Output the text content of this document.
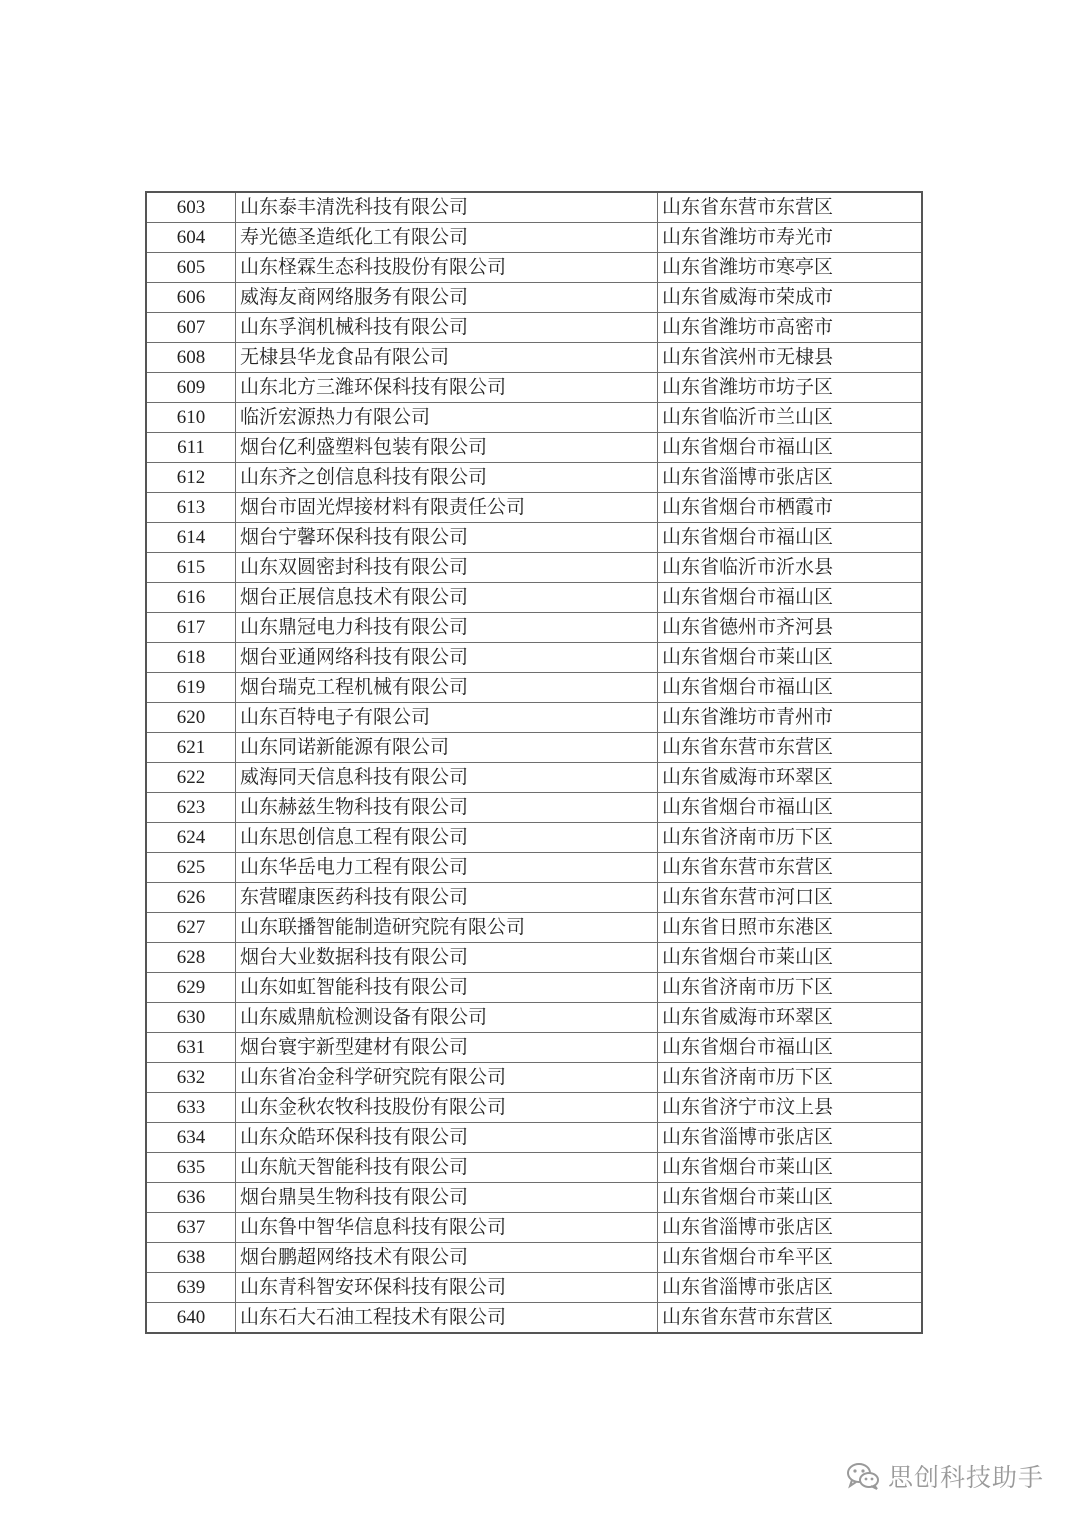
603	山东泰丰清洗科技有限公司	山东省东营市东营区
604	寿光德圣造纸化工有限公司	山东省潍坊市寿光市
605	山东柽霖生态科技股份有限公司	山东省潍坊市寒亭区
606	威海友商网络服务有限公司	山东省威海市荣成市
607	山东孚润机械科技有限公司	山东省潍坊市高密市
608	无棣县华龙食品有限公司	山东省滨州市无棣县
609	山东北方三潍环保科技有限公司	山东省潍坊市坊子区
610	临沂宏源热力有限公司	山东省临沂市兰山区
611	烟台亿利盛塑料包装有限公司	山东省烟台市福山区
612	山东齐之创信息科技有限公司	山东省淄博市张店区
613	烟台市固光焊接材料有限责任公司	山东省烟台市栖霞市
614	烟台宁馨环保科技有限公司	山东省烟台市福山区
615	山东双圆密封科技有限公司	山东省临沂市沂水县
616	烟台正展信息技术有限公司	山东省烟台市福山区
617	山东鼎冠电力科技有限公司	山东省德州市齐河县
618	烟台亚通网络科技有限公司	山东省烟台市莱山区
619	烟台瑞克工程机械有限公司	山东省烟台市福山区
620	山东百特电子有限公司	山东省潍坊市青州市
621	山东同诺新能源有限公司	山东省东营市东营区
622	威海同天信息科技有限公司	山东省威海市环翠区
623	山东赫兹生物科技有限公司	山东省烟台市福山区
624	山东思创信息工程有限公司	山东省济南市历下区
625	山东华岳电力工程有限公司	山东省东营市东营区
626	东营曜康医药科技有限公司	山东省东营市河口区
627	山东联播智能制造研究院有限公司	山东省日照市东港区
628	烟台大业数据科技有限公司	山东省烟台市莱山区
629	山东如虹智能科技有限公司	山东省济南市历下区
630	山东威鼎航检测设备有限公司	山东省威海市环翠区
631	烟台寰宇新型建材有限公司	山东省烟台市福山区
632	山东省冶金科学研究院有限公司	山东省济南市历下区
633	山东金秋农牧科技股份有限公司	山东省济宁市汶上县
634	山东众皓环保科技有限公司	山东省淄博市张店区
635	山东航天智能科技有限公司	山东省烟台市莱山区
636	烟台鼎昊生物科技有限公司	山东省烟台市莱山区
637	山东鲁中智华信息科技有限公司	山东省淄博市张店区
638	烟台鹏超网络技术有限公司	山东省烟台市牟平区
639	山东青科智安环保科技有限公司	山东省淄博市张店区
640	山东石大石油工程技术有限公司	山东省东营市东营区
思创科技助手
